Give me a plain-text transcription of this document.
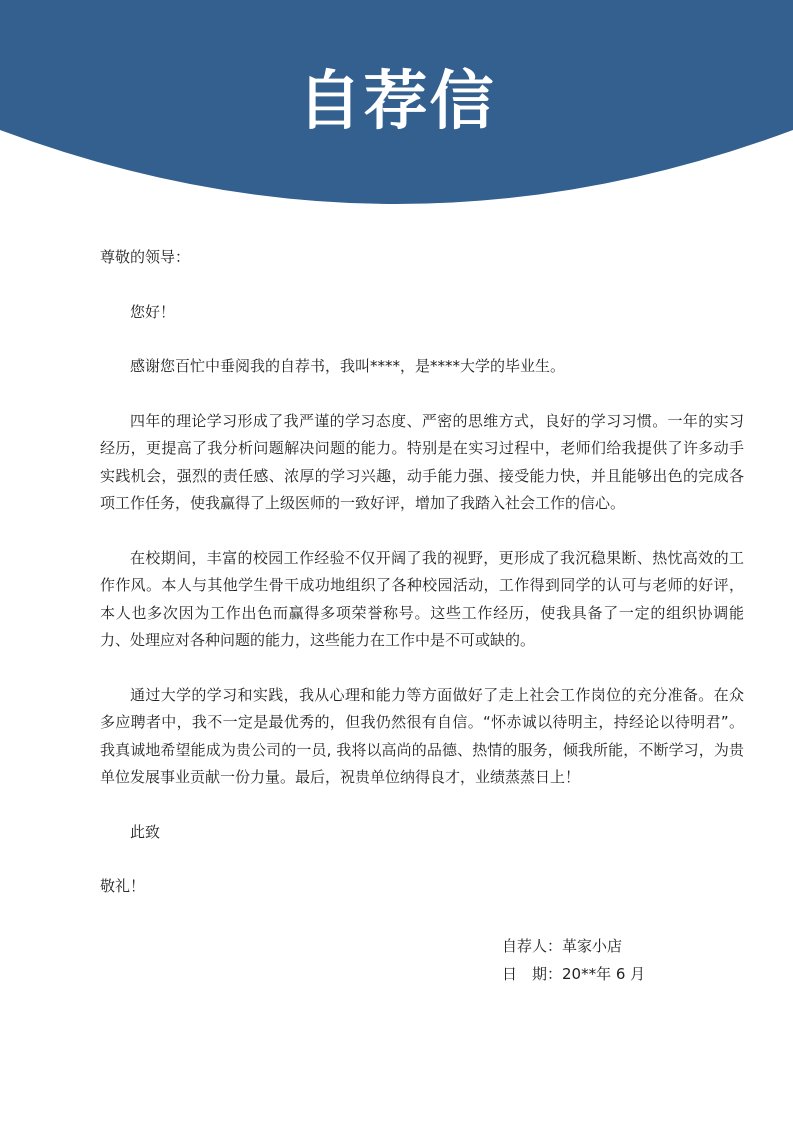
自荐信

尊敬的领导：

您好！

感谢您百忙中垂阅我的自荐书，我叫****，是****大学的毕业生。

四年的理论学习形成了我严谨的学习态度、严密的思维方式，良好的学习习惯。一年的实习经历，更提高了我分析问题解决问题的能力。特别是在实习过程中，老师们给我提供了许多动手实践机会，强烈的责任感、浓厚的学习兴趣，动手能力强、接受能力快，并且能够出色的完成各项工作任务，使我赢得了上级医师的一致好评，增加了我踏入社会工作的信心。

在校期间，丰富的校园工作经验不仅开阔了我的视野，更形成了我沉稳果断、热忱高效的工作作风。本人与其他学生骨干成功地组织了各种校园活动，工作得到同学的认可与老师的好评，本人也多次因为工作出色而赢得多项荣誉称号。这些工作经历，使我具备了一定的组织协调能力、处理应对各种问题的能力，这些能力在工作中是不可或缺的。

通过大学的学习和实践，我从心理和能力等方面做好了走上社会工作岗位的充分准备。在众多应聘者中，我不一定是最优秀的，但我仍然很有自信。“怀赤诚以待明主，持经论以待明君”。我真诚地希望能成为贵公司的一员, 我将以高尚的品德、热情的服务，倾我所能，不断学习，为贵单位发展事业贡献一份力量。最后，祝贵单位纳得良才，业绩蒸蒸日上！

此致

敬礼！

自荐人：革家小店
日　期：20**年 6 月
